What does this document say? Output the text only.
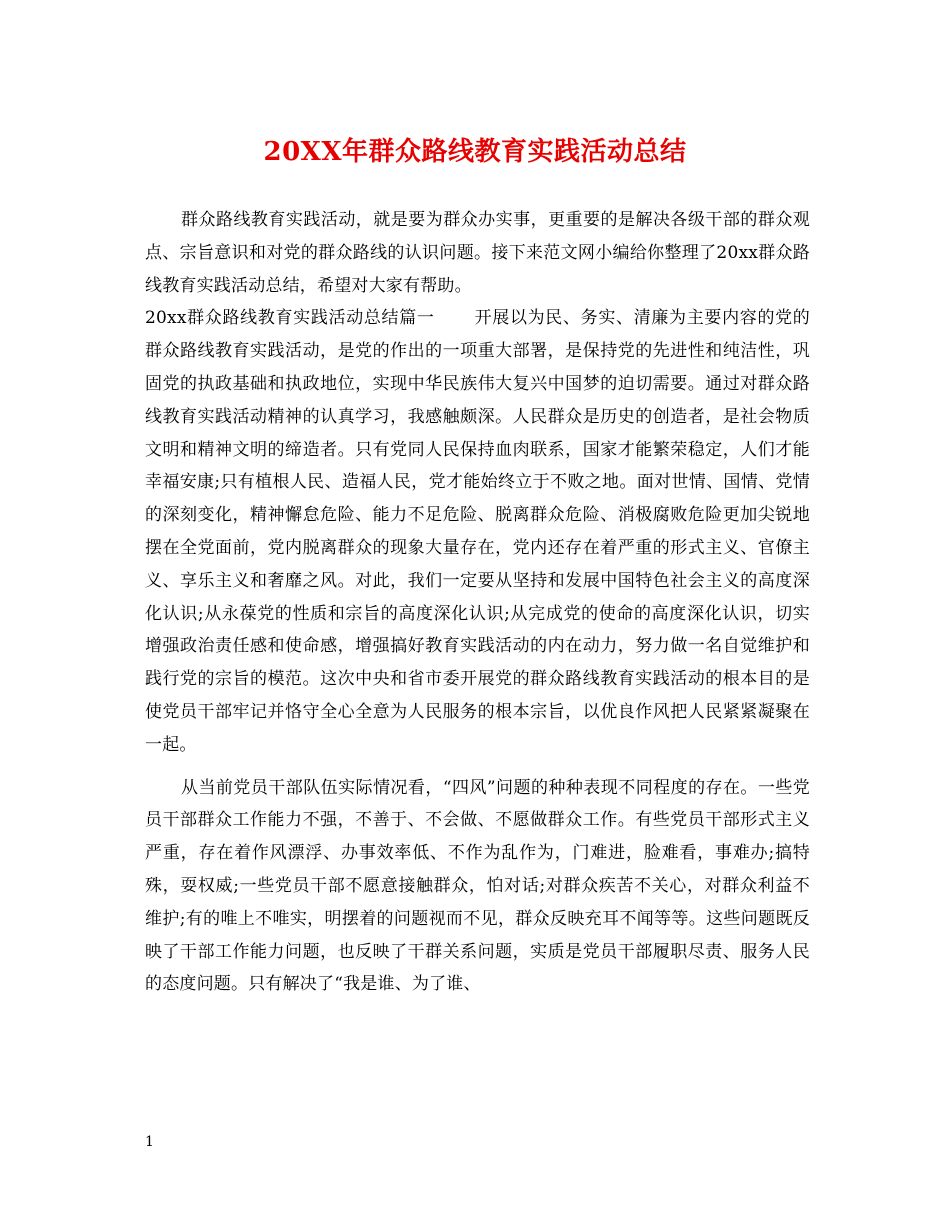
20XX年群众路线教育实践活动总结

群众路线教育实践活动，就是要为群众办实事，更重要的是解决各级干部的群众观点、宗旨意识和对党的群众路线的认识问题。接下来范文网小编给你整理了20xx群众路线教育实践活动总结，希望对大家有帮助。

20xx群众路线教育实践活动总结篇一 开展以为民、务实、清廉为主要内容的党的群众路线教育实践活动，是党的作出的一项重大部署，是保持党的先进性和纯洁性，巩固党的执政基础和执政地位，实现中华民族伟大复兴中国梦的迫切需要。通过对群众路线教育实践活动精神的认真学习，我感触颇深。人民群众是历史的创造者，是社会物质文明和精神文明的缔造者。只有党同人民保持血肉联系，国家才能繁荣稳定，人们才能幸福安康;只有植根人民、造福人民，党才能始终立于不败之地。面对世情、国情、党情的深刻变化，精神懈怠危险、能力不足危险、脱离群众危险、消极腐败危险更加尖锐地摆在全党面前，党内脱离群众的现象大量存在，党内还存在着严重的形式主义、官僚主义、享乐主义和奢靡之风。对此，我们一定要从坚持和发展中国特色社会主义的高度深化认识;从永葆党的性质和宗旨的高度深化认识;从完成党的使命的高度深化认识，切实增强政治责任感和使命感，增强搞好教育实践活动的内在动力，努力做一名自觉维护和践行党的宗旨的模范。这次中央和省市委开展党的群众路线教育实践活动的根本目的是使党员干部牢记并恪守全心全意为人民服务的根本宗旨，以优良作风把人民紧紧凝聚在一起。

从当前党员干部队伍实际情况看，“四风”问题的种种表现不同程度的存在。一些党员干部群众工作能力不强，不善于、不会做、不愿做群众工作。有些党员干部形式主义严重，存在着作风漂浮、办事效率低、不作为乱作为，门难进，脸难看，事难办;搞特殊，耍权威;一些党员干部不愿意接触群众，怕对话;对群众疾苦不关心，对群众利益不维护;有的唯上不唯实，明摆着的问题视而不见，群众反映充耳不闻等等。这些问题既反映了干部工作能力问题，也反映了干群关系问题，实质是党员干部履职尽责、服务人民的态度问题。只有解决了“我是谁、为了谁、

1
